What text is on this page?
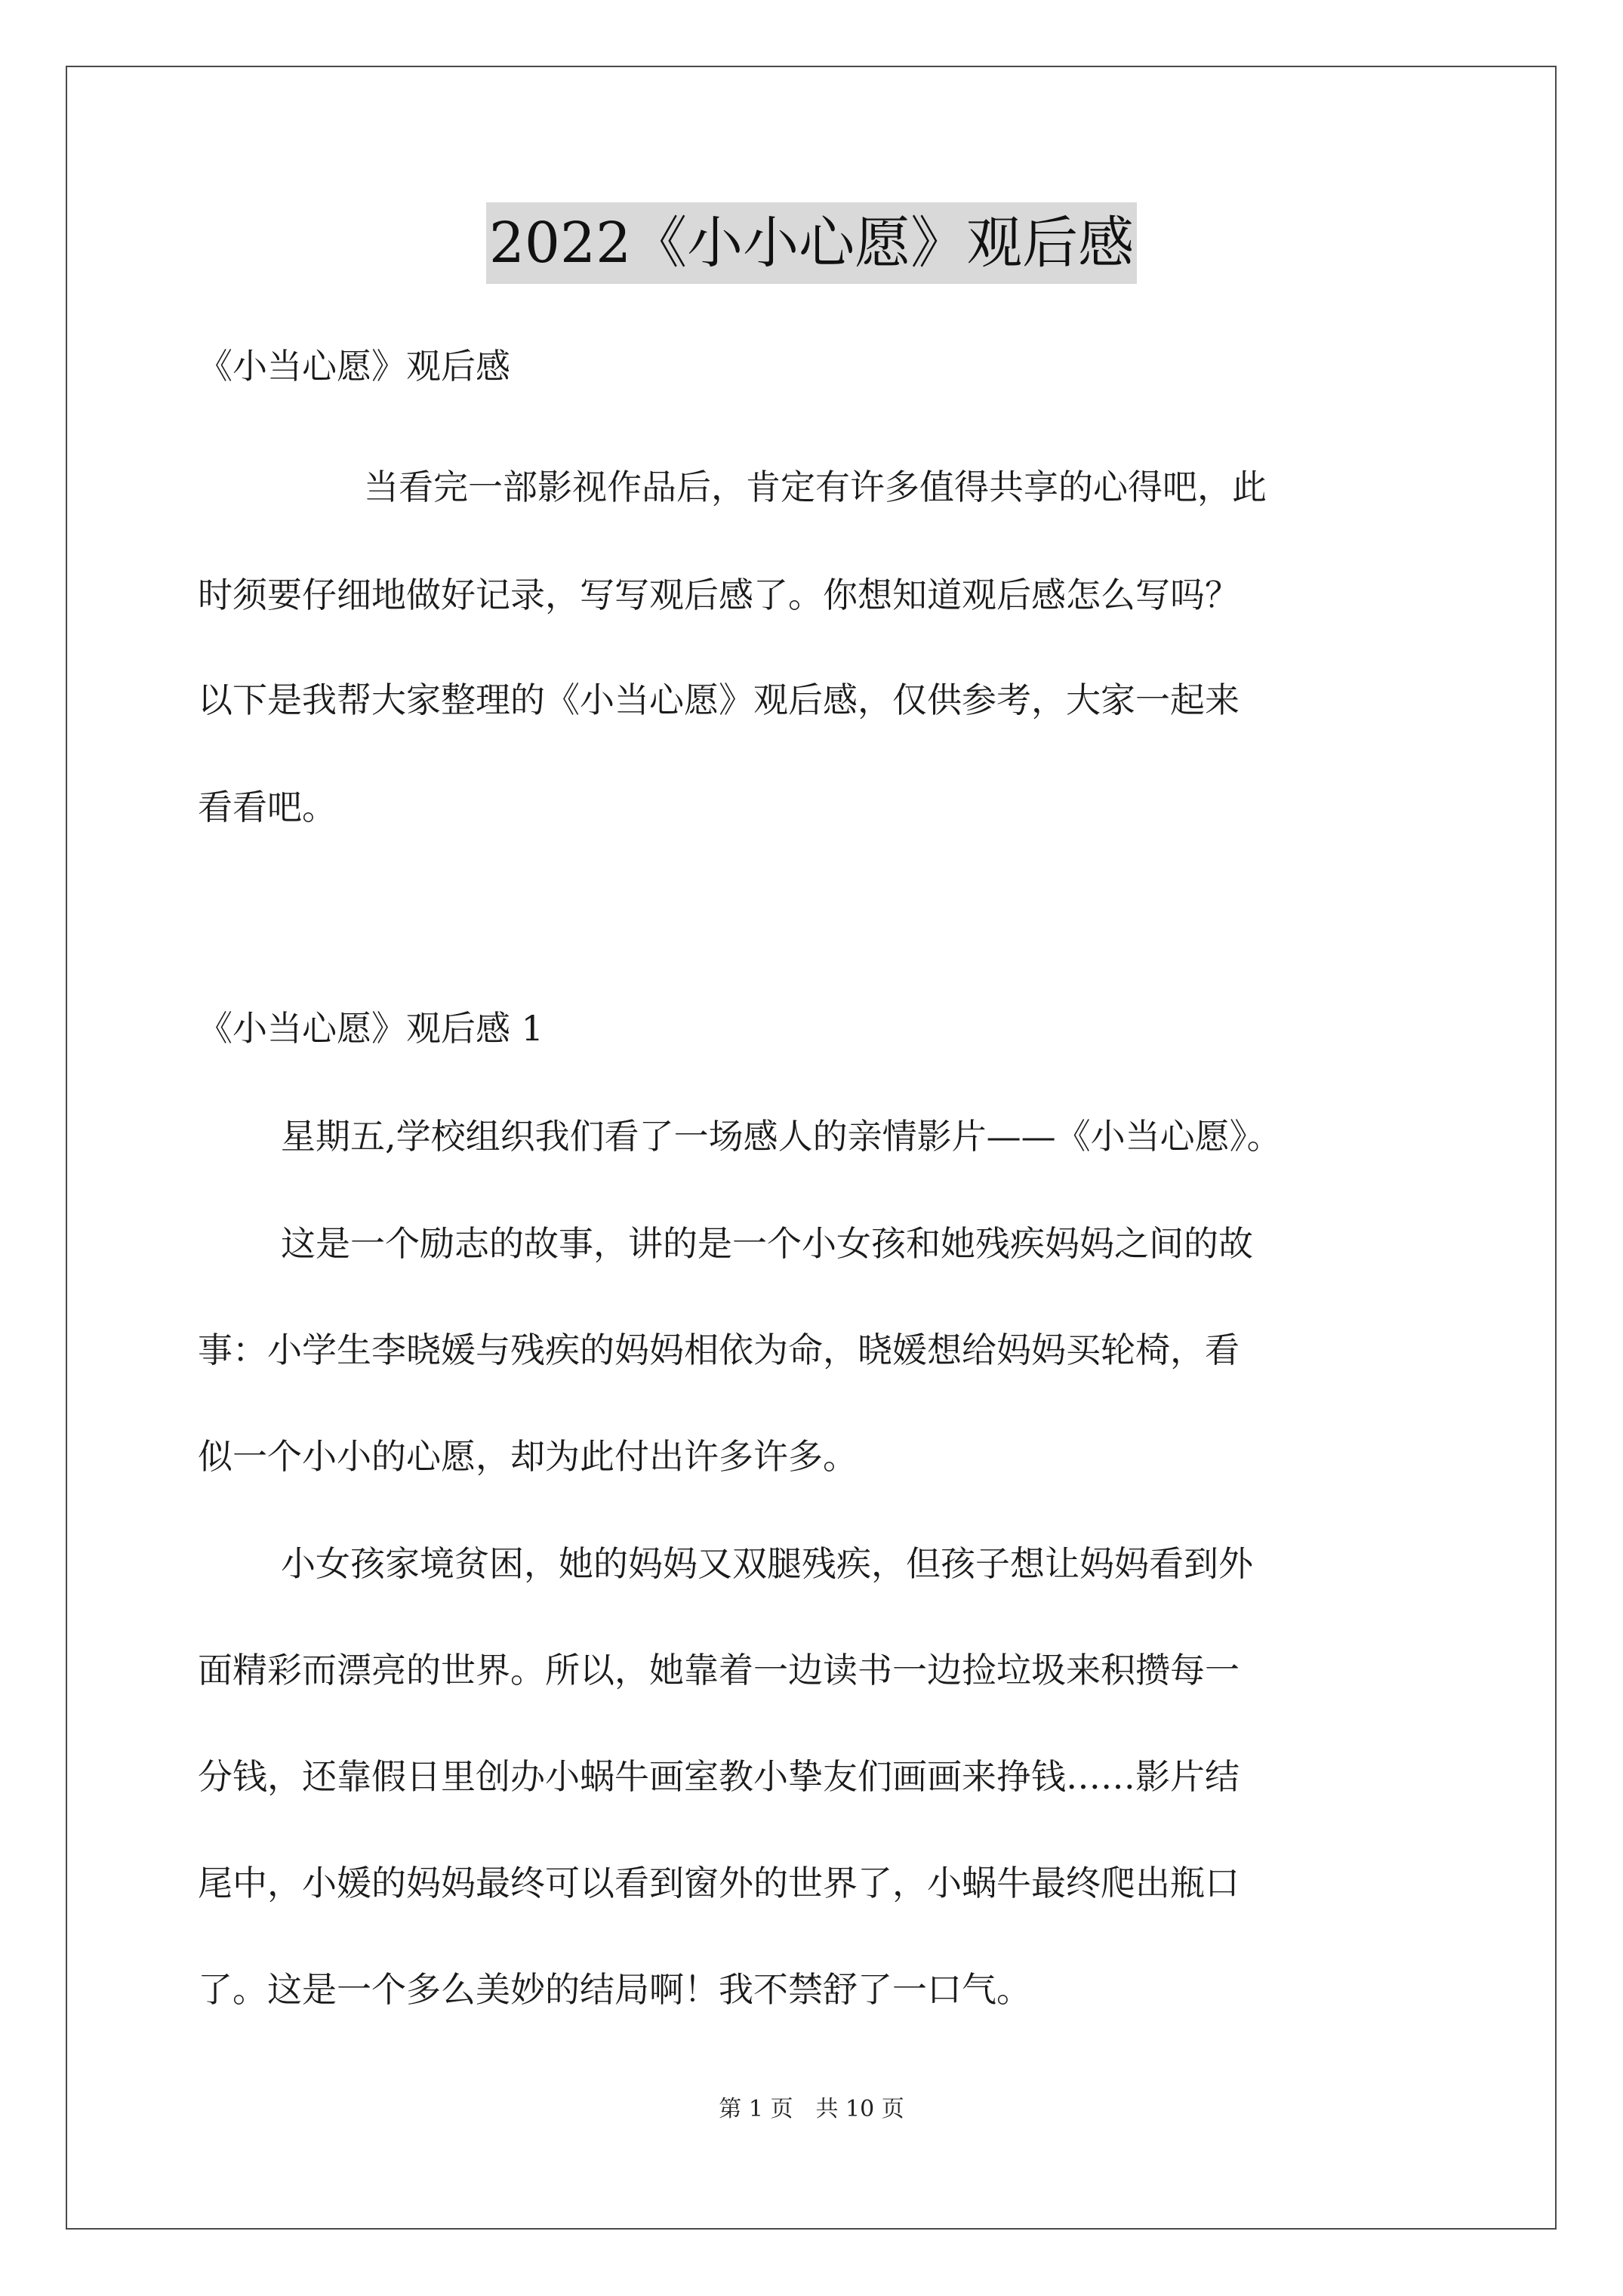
2022《小小心愿》观后感
《小当心愿》观后感
当看完一部影视作品后，肯定有许多值得共享的心得吧，此
时须要仔细地做好记录，写写观后感了。你想知道观后感怎么写吗？
以下是我帮大家整理的《小当心愿》观后感，仅供参考，大家一起来
看看吧。
《小当心愿》观后感 1
星期五,学校组织我们看了一场感人的亲情影片——《小当心愿》。
这是一个励志的故事，讲的是一个小女孩和她残疾妈妈之间的故
事：小学生李晓媛与残疾的妈妈相依为命，晓媛想给妈妈买轮椅，看
似一个小小的心愿，却为此付出许多许多。
小女孩家境贫困，她的妈妈又双腿残疾，但孩子想让妈妈看到外
面精彩而漂亮的世界。所以，她靠着一边读书一边捡垃圾来积攒每一
分钱，还靠假日里创办小蜗牛画室教小挚友们画画来挣钱……影片结
尾中，小媛的妈妈最终可以看到窗外的世界了，小蜗牛最终爬出瓶口
了。这是一个多么美妙的结局啊！我不禁舒了一口气。
第 1 页　共 10 页
